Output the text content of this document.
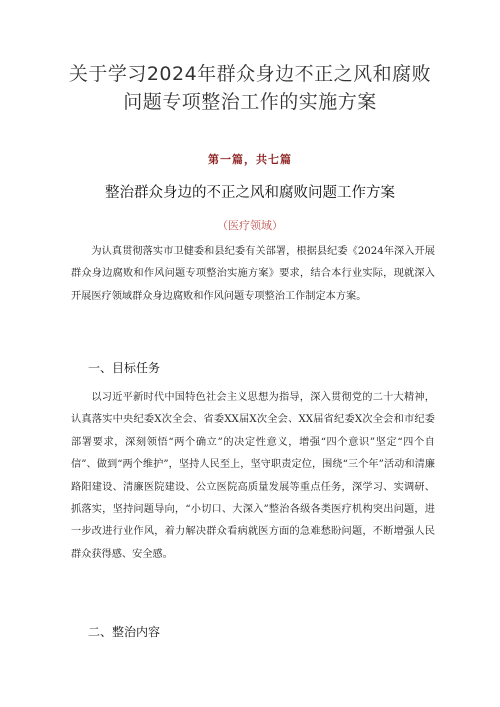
关于学习2024年群众身边不正之风和腐败问题专项整治工作的实施方案
第一篇，共七篇
整治群众身边的不正之风和腐败问题工作方案
（医疗领域）

为认真贯彻落实市卫健委和县纪委有关部署，根据县纪委《2024年深入开展群众身边腐败和作风问题专项整治实施方案》要求，结合本行业实际，现就深入开展医疗领域群众身边腐败和作风问题专项整治工作制定本方案。

一、目标任务

以习近平新时代中国特色社会主义思想为指导，深入贯彻党的二十大精神，认真落实中央纪委X次全会、省委XX届X次全会、XX届省纪委X次全会和市纪委部署要求，深刻领悟“两个确立”的决定性意义，增强“四个意识”坚定“四个自信”、做到“两个维护”，坚持人民至上，坚守职责定位，围绕“三个年”活动和清廉路阳建设、清廉医院建设、公立医院高质量发展等重点任务，深学习、实调研、抓落实，坚持问题导向，“小切口、大深入”整治各级各类医疗机构突出问题，进一步改进行业作风，着力解决群众看病就医方面的急难愁盼问题，不断增强人民群众获得感、安全感。

二、整治内容
